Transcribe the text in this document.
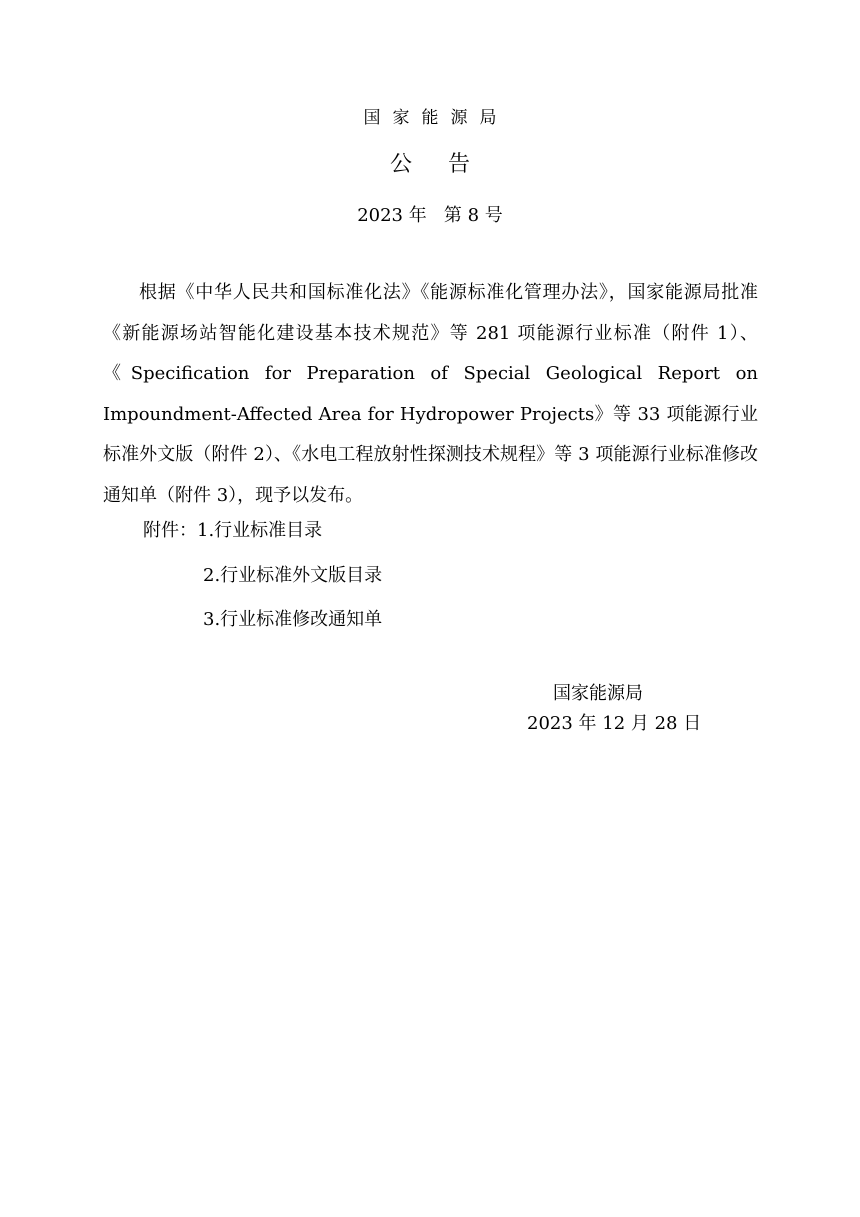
国家能源局
公告
2023 年   第 8 号

根据《中华人民共和国标准化法》《能源标准化管理办法》，国家能源局批准《新能源场站智能化建设基本技术规范》等 281 项能源行业标准（附件 1）、《Specification for Preparation of Special Geological Report on Impoundment-Affected Area for Hydropower Projects》等 33 项能源行业标准外文版（附件 2）、《水电工程放射性探测技术规程》等 3 项能源行业标准修改通知单（附件 3），现予以发布。

附件：1.行业标准目录
2.行业标准外文版目录
3.行业标准修改通知单
国家能源局
2023 年 12 月 28 日
